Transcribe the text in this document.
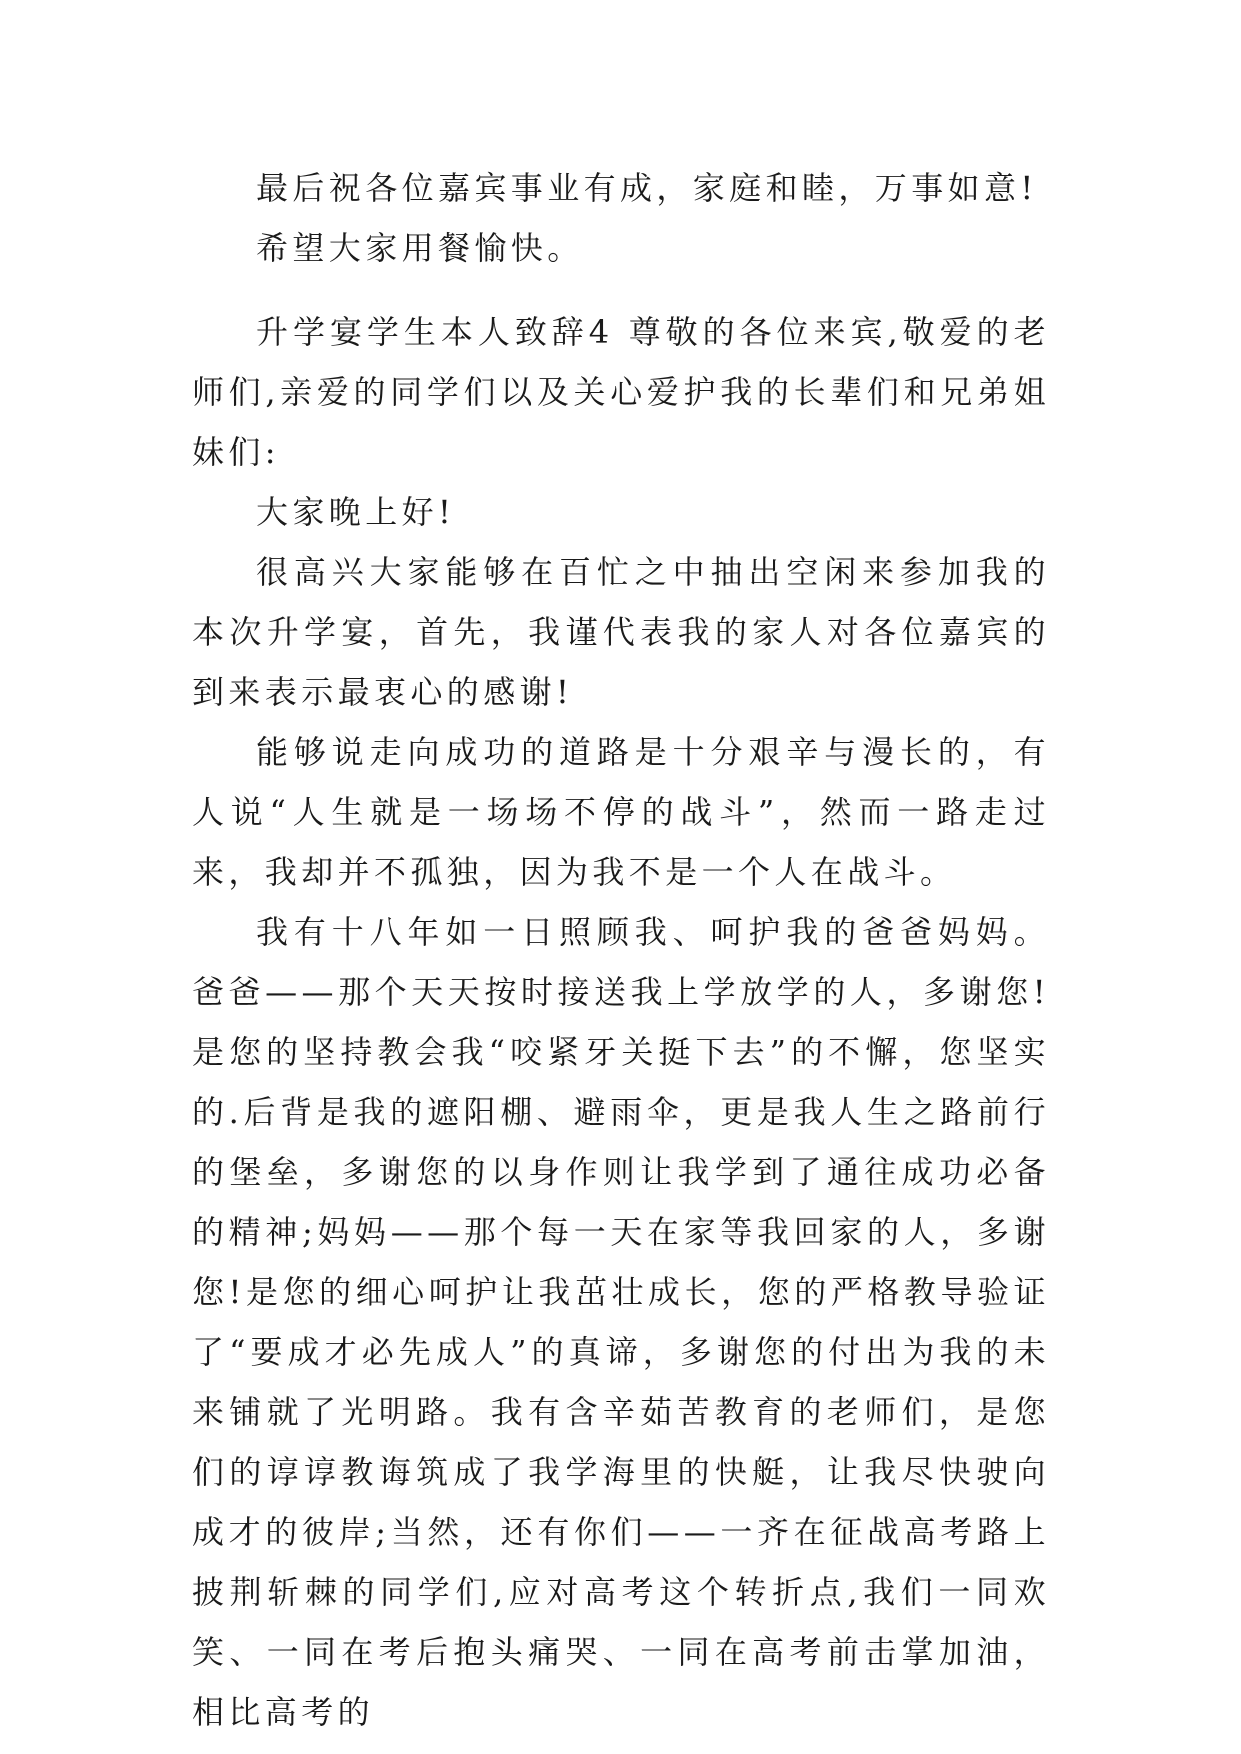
最后祝各位嘉宾事业有成，家庭和睦，万事如意!

希望大家用餐愉快。

升学宴学生本人致辞4 尊敬的各位来宾,敬爱的老师们,亲爱的同学们以及关心爱护我的长辈们和兄弟姐妹们:

大家晚上好!

很高兴大家能够在百忙之中抽出空闲来参加我的本次升学宴，首先，我谨代表我的家人对各位嘉宾的到来表示最衷心的感谢!

能够说走向成功的道路是十分艰辛与漫长的，有人说“人生就是一场场不停的战斗”，然而一路走过来，我却并不孤独，因为我不是一个人在战斗。

我有十八年如一日照顾我、呵护我的爸爸妈妈。爸爸——那个天天按时接送我上学放学的人，多谢您!是您的坚持教会我“咬紧牙关挺下去”的不懈，您坚实的.后背是我的遮阳棚、避雨伞，更是我人生之路前行的堡垒，多谢您的以身作则让我学到了通往成功必备的精神;妈妈——那个每一天在家等我回家的人，多谢您!是您的细心呵护让我茁壮成长，您的严格教导验证了“要成才必先成人”的真谛，多谢您的付出为我的未来铺就了光明路。我有含辛茹苦教育的老师们，是您们的谆谆教诲筑成了我学海里的快艇，让我尽快驶向成才的彼岸;当然，还有你们——一齐在征战高考路上披荆斩棘的同学们,应对高考这个转折点,我们一同欢笑、一同在考后抱头痛哭、一同在高考前击掌加油，相比高考的
